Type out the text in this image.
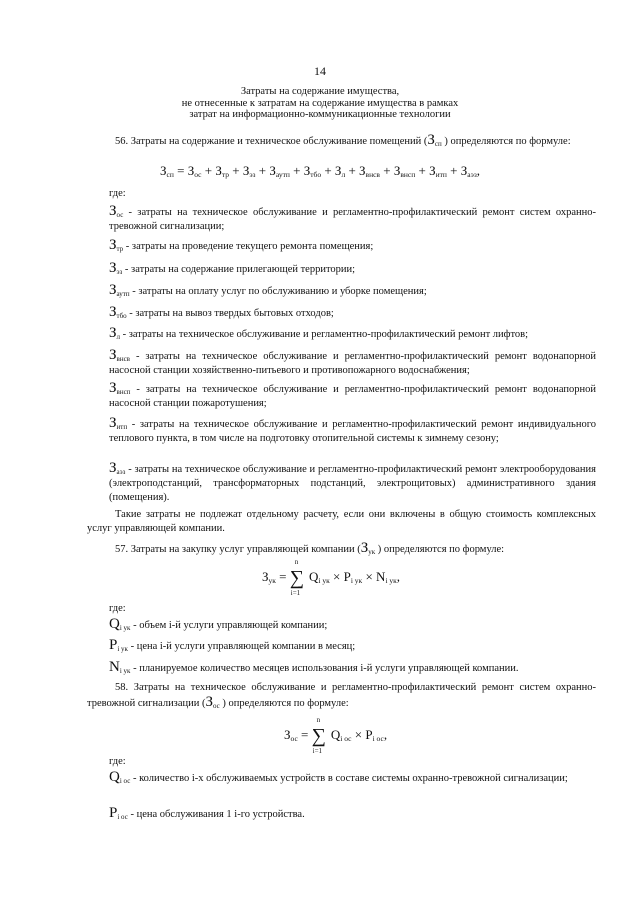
14
Затраты на содержание имущества,
не отнесенные к затратам на содержание имущества в рамках
затрат на информационно-коммуникационные технологии
56. Затраты на содержание и техническое обслуживание помещений ($З_{сп}$ ) определяются по формуле:
$З_{сп} = З_{ос} + З_{тр} + З_{эз} + З_{аутп} + З_{тбо} + З_л + З_{внсв} + З_{внсп} + З_{итп} + З_{аэз}$,
где:
$З_{ос}$ - затраты на техническое обслуживание и регламентно-профилактический ремонт систем охранно-тревожной сигнализации;
$З_{тр}$ - затраты на проведение текущего ремонта помещения;
$З_{эз}$ - затраты на содержание прилегающей территории;
$З_{аутп}$ - затраты на оплату услуг по обслуживанию и уборке помещения;
$З_{тбо}$ - затраты на вывоз твердых бытовых отходов;
$З_л$ - затраты на техническое обслуживание и регламентно-профилактический ремонт лифтов;
$З_{внсв}$ - затраты на техническое обслуживание и регламентно-профилактический ремонт водонапорной насосной станции хозяйственно-питьевого и противопожарного водоснабжения;
$З_{внсп}$ - затраты на техническое обслуживание и регламентно-профилактический ремонт водонапорной насосной станции пожаротушения;
$З_{итп}$ - затраты на техническое обслуживание и регламентно-профилактический ремонт индивидуального теплового пункта, в том числе на подготовку отопительной системы к зимнему сезону;
$З_{аэз}$ - затраты на техническое обслуживание и регламентно-профилактический ремонт электрооборудования (электроподстанций, трансформаторных подстанций, электрощитовых) административного здания (помещения).
Такие затраты не подлежат отдельному расчету, если они включены в общую стоимость комплексных услуг управляющей компании.
57. Затраты на закупку услуг управляющей компании ($З_{ук}$ ) определяются по формуле:
$З_{ук}$ =
n
∑
i=1
$Q_{i ук} \times P_{i ук} \times N_{i ук}$,
где:
$Q_{i ук}$ - объем i-й услуги управляющей компании;
$P_{i ук}$ - цена i-й услуги управляющей компании в месяц;
$N_{i ук}$ - планируемое количество месяцев использования i-й услуги управляющей компании.
58. Затраты на техническое обслуживание и регламентно-профилактический ремонт систем охранно-тревожной сигнализации ($З_{ос}$ ) определяются по формуле:
$З_{ос}$ =
n
∑
i=1
$Q_{i ос} \times P_{i ос}$,
где:
$Q_{i ос}$ - количество i-х обслуживаемых устройств в составе системы охранно-тревожной сигнализации;
$P_{i ос}$ - цена обслуживания 1 i-го устройства.
